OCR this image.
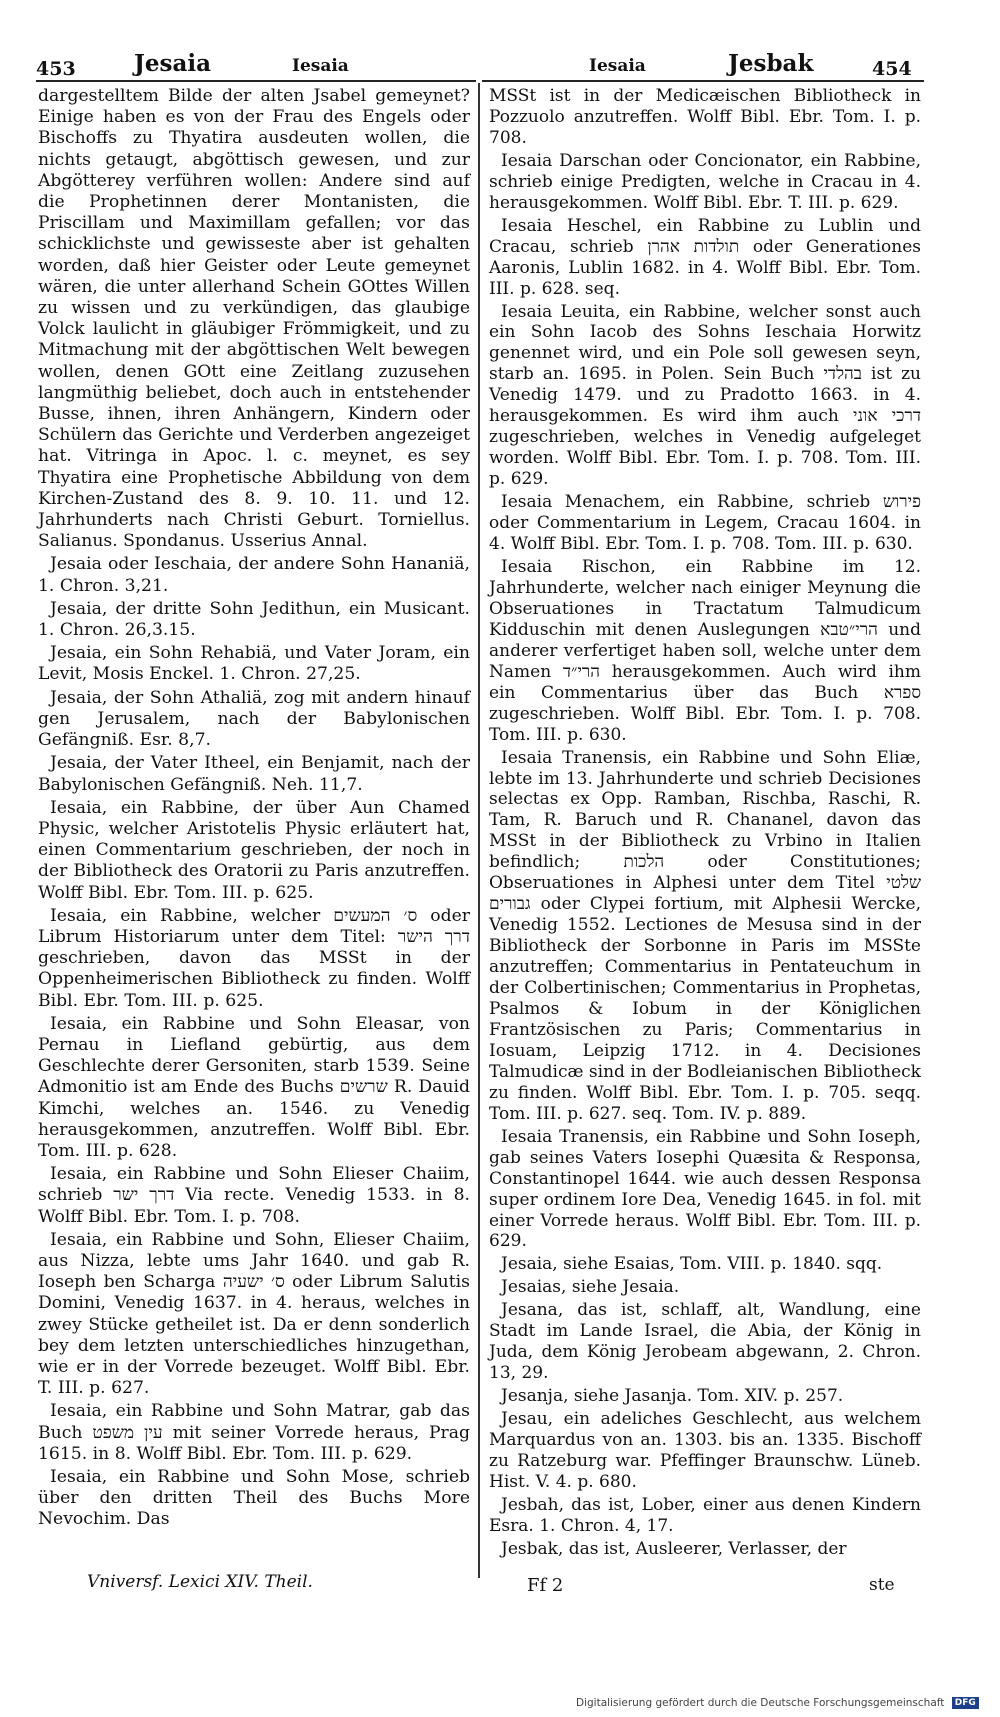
453	Jesaia	Iesaia	Iesaia	Jesbak	454

dargestelltem Bilde der alten Jsabel gemeynet? Einige haben es von der Frau des Engels oder Bischoffs zu Thyatira ausdeuten wollen, die nichts getaugt, abgöttisch gewesen, und zur Abgötterey verführen wollen: Andere sind auf die Prophetinnen derer Montanisten, die Priscillam und Maximillam gefallen; vor das schicklichste und gewisseste aber ist gehalten worden, daß hier Geister oder Leute gemeynet wären, die unter allerhand Schein GOttes Willen zu wissen und zu verkündigen, das glaubige Volck laulicht in gläubiger Frömmigkeit, und zu Mitmachung mit der abgöttischen Welt bewegen wollen, denen GOtt eine Zeitlang zuzusehen langmüthig beliebet, doch auch in entstehender Busse, ihnen, ihren Anhängern, Kindern oder Schülern das Gerichte und Verderben angezeiget hat. Vitringa in Apoc. l. c. meynet, es sey Thyatira eine Prophetische Abbildung von dem Kirchen-Zustand des 8. 9. 10. 11. und 12. Jahrhunderts nach Christi Geburt. Torniellus. Salianus. Spondanus. Usserius Annal.

Jesaia oder Ieschaia, der andere Sohn Hananiä, 1. Chron. 3,21.

Jesaia, der dritte Sohn Jedithun, ein Musicant. 1. Chron. 26,3.15.

Jesaia, ein Sohn Rehabiä, und Vater Joram, ein Levit, Mosis Enckel. 1. Chron. 27,25.

Jesaia, der Sohn Athaliä, zog mit andern hinauf gen Jerusalem, nach der Babylonischen Gefängniß. Esr. 8,7.

Jesaia, der Vater Itheel, ein Benjamit, nach der Babylonischen Gefängniß. Neh. 11,7.

Iesaia, ein Rabbine, der über Aun Chamed Physic, welcher Aristotelis Physic erläutert hat, einen Commentarium geschrieben, der noch in der Bibliotheck des Oratorii zu Paris anzutreffen. Wolff Bibl. Ebr. Tom. III. p. 625.

Iesaia, ein Rabbine, welcher ס׳ המעשים oder Librum Historiarum unter dem Titel: דרך הישר geschrieben, davon das MSSt in der Oppenheimerischen Bibliotheck zu finden. Wolff Bibl. Ebr. Tom. III. p. 625.

Iesaia, ein Rabbine und Sohn Eleasar, von Pernau in Liefland gebürtig, aus dem Geschlechte derer Gersoniten, starb 1539. Seine Admonitio ist am Ende des Buchs שרשים R. Dauid Kimchi, welches an. 1546. zu Venedig herausgekommen, anzutreffen. Wolff Bibl. Ebr. Tom. III. p. 628.

Iesaia, ein Rabbine und Sohn Elieser Chaiim, schrieb דרך ישר Via recte. Venedig 1533. in 8. Wolff Bibl. Ebr. Tom. I. p. 708.

Iesaia, ein Rabbine und Sohn, Elieser Chaiim, aus Nizza, lebte ums Jahr 1640. und gab R. Ioseph ben Scharga ס׳ ישעיה oder Librum Salutis Domini, Venedig 1637. in 4. heraus, welches in zwey Stücke getheilet ist. Da er denn sonderlich bey dem letzten unterschiedliches hinzugethan, wie er in der Vorrede bezeuget. Wolff Bibl. Ebr. T. III. p. 627.

Iesaia, ein Rabbine und Sohn Matrar, gab das Buch עין משפט mit seiner Vorrede heraus, Prag 1615. in 8. Wolff Bibl. Ebr. Tom. III. p. 629.

Iesaia, ein Rabbine und Sohn Mose, schrieb über den dritten Theil des Buchs More Nevochim. Das

MSSt ist in der Medicæischen Bibliotheck in Pozzuolo anzutreffen. Wolff Bibl. Ebr. Tom. I. p. 708.

Iesaia Darschan oder Concionator, ein Rabbine, schrieb einige Predigten, welche in Cracau in 4. herausgekommen. Wolff Bibl. Ebr. T. III. p. 629.

Iesaia Heschel, ein Rabbine zu Lublin und Cracau, schrieb תולדות אהרן oder Generationes Aaronis, Lublin 1682. in 4. Wolff Bibl. Ebr. Tom. III. p. 628. seq.

Iesaia Leuita, ein Rabbine, welcher sonst auch ein Sohn Iacob des Sohns Ieschaia Horwitz genennet wird, und ein Pole soll gewesen seyn, starb an. 1695. in Polen. Sein Buch בהלדי ist zu Venedig 1479. und zu Pradotto 1663. in 4. herausgekommen. Es wird ihm auch דרכי אוני zugeschrieben, welches in Venedig aufgeleget worden. Wolff Bibl. Ebr. Tom. I. p. 708. Tom. III. p. 629.

Iesaia Menachem, ein Rabbine, schrieb פירוש oder Commentarium in Legem, Cracau 1604. in 4. Wolff Bibl. Ebr. Tom. I. p. 708. Tom. III. p. 630.

Iesaia Rischon, ein Rabbine im 12. Jahrhunderte, welcher nach einiger Meynung die Obseruationes in Tractatum Talmudicum Kidduschin mit denen Auslegungen הרי״טבא und anderer verfertiget haben soll, welche unter dem Namen הרי״ד herausgekommen. Auch wird ihm ein Commentarius über das Buch ספרא zugeschrieben. Wolff Bibl. Ebr. Tom. I. p. 708. Tom. III. p. 630.

Iesaia Tranensis, ein Rabbine und Sohn Eliæ, lebte im 13. Jahrhunderte und schrieb Decisiones selectas ex Opp. Ramban, Rischba, Raschi, R. Tam, R. Baruch und R. Chananel, davon das MSSt in der Bibliotheck zu Vrbino in Italien befindlich; הלכות oder Constitutiones; Obseruationes in Alphesi unter dem Titel שלטי גבורים oder Clypei fortium, mit Alphesii Wercke, Venedig 1552. Lectiones de Mesusa sind in der Bibliotheck der Sorbonne in Paris im MSSte anzutreffen; Commentarius in Pentateuchum in der Colbertinischen; Commentarius in Prophetas, Psalmos & Iobum in der Königlichen Frantzösischen zu Paris; Commentarius in Iosuam, Leipzig 1712. in 4. Decisiones Talmudicæ sind in der Bodleianischen Bibliotheck zu finden. Wolff Bibl. Ebr. Tom. I. p. 705. seqq. Tom. III. p. 627. seq. Tom. IV. p. 889.

Iesaia Tranensis, ein Rabbine und Sohn Ioseph, gab seines Vaters Iosephi Quæsita & Responsa, Constantinopel 1644. wie auch dessen Responsa super ordinem Iore Dea, Venedig 1645. in fol. mit einer Vorrede heraus. Wolff Bibl. Ebr. Tom. III. p. 629.

Jesaia, siehe Esaias, Tom. VIII. p. 1840. sqq.

Jesaias, siehe Jesaia.

Jesana, das ist, schlaff, alt, Wandlung, eine Stadt im Lande Israel, die Abia, der König in Juda, dem König Jerobeam abgewann, 2. Chron. 13, 29.

Jesanja, siehe Jasanja. Tom. XIV. p. 257.

Jesau, ein adeliches Geschlecht, aus welchem Marquardus von an. 1303. bis an. 1335. Bischoff zu Ratzeburg war. Pfeffinger Braunschw. Lüneb. Hist. V. 4. p. 680.

Jesbah, das ist, Lober, einer aus denen Kindern Esra. 1. Chron. 4, 17.

Jesbak, das ist, Ausleerer, Verlasser, der

Vniversf. Lexici XIV. Theil.	Ff 2	ste
Digitalisierung gefördert durch die Deutsche Forschungsgemeinschaft DFG
